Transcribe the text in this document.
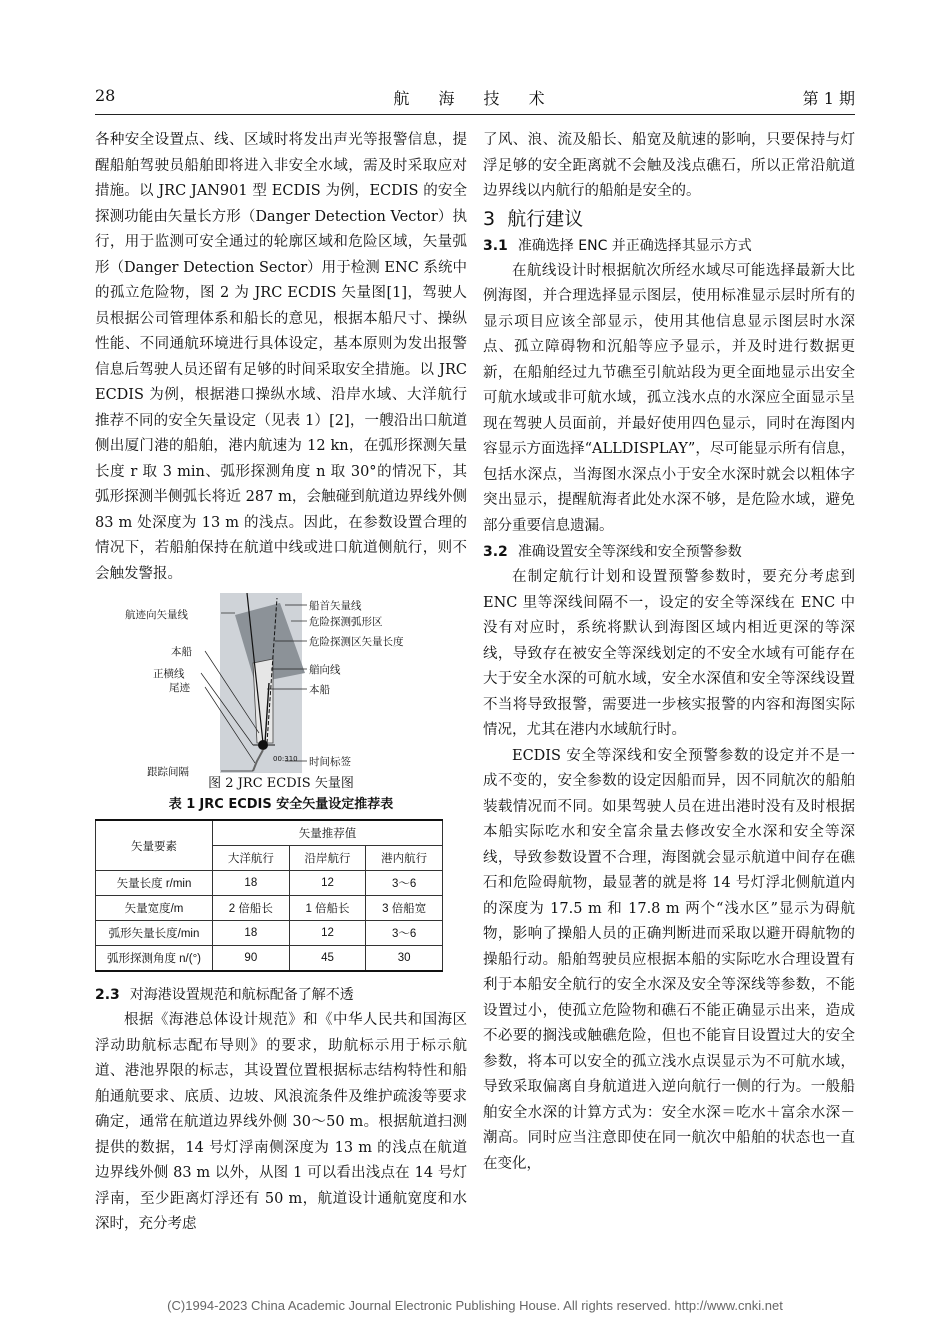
28	航 海 技 术	第 1 期

各种安全设置点、线、区域时将发出声光等报警信息，提醒船舶驾驶员船舶即将进入非安全水域，需及时采取应对措施。以 JRC JAN901 型 ECDIS 为例，ECDIS 的安全探测功能由矢量长方形（Danger Detection Vector）执行，用于监测可安全通过的轮廓区域和危险区域，矢量弧形（Danger Detection Sector）用于检测 ENC 系统中的孤立危险物，图 2 为 JRC ECDIS 矢量图[1]，驾驶人员根据公司管理体系和船长的意见，根据本船尺寸、操纵性能、不同通航环境进行具体设定，基本原则为发出报警信息后驾驶人员还留有足够的时间采取安全措施。以 JRC ECDIS 为例，根据港口操纵水域、沿岸水域、大洋航行推荐不同的安全矢量设定（见表 1）[2]，一艘沿出口航道侧出厦门港的船舶，港内航速为 12 kn，在弧形探测矢量长度 r 取 3 min、弧形探测角度 n 取 30°的情况下，其弧形探测半侧弧长将近 287 m，会触碰到航道边界线外侧 83 m 处深度为 13 m 的浅点。因此，在参数设置合理的情况下，若船舶保持在航道中线或进口航道侧航行，则不会触发警报。

航迹向矢量线
船首矢量线
危险探测弧形区
危险探测区矢量长度
本船
艏向线
正横线
本船
尾迹
00:310 时间标签
跟踪间隔

图 2 JRC ECDIS 矢量图

表 1 JRC ECDIS 安全矢量设定推荐表

矢量要素	矢量推荐值		
	大洋航行	沿岸航行	港内航行
矢量长度 r/min	18	12	3～6
矢量宽度/m	2 倍船长	1 倍船长	3 倍船宽
弧形矢量长度/min	18	12	3～6
弧形探测角度 n/(°)	90	45	30

2.3 对海港设置规范和航标配备了解不透

根据《海港总体设计规范》和《中华人民共和国海区浮动助航标志配布导则》的要求，助航标示用于标示航道、港池界限的标志，其设置位置根据标志结构特性和船舶通航要求、底质、边坡、风浪流条件及维护疏浚等要求确定，通常在航道边界线外侧 30～50 m。根据航道扫测提供的数据，14 号灯浮南侧深度为 13 m 的浅点在航道边界线外侧 83 m 以外，从图 1 可以看出浅点在 14 号灯浮南，至少距离灯浮还有 50 m，航道设计通航宽度和水深时，充分考虑

了风、浪、流及船长、船宽及航速的影响，只要保持与灯浮足够的安全距离就不会触及浅点礁石，所以正常沿航道边界线以内航行的船舶是安全的。

3 航行建议

3.1 准确选择 ENC 并正确选择其显示方式

在航线设计时根据航次所经水域尽可能选择最新大比例海图，并合理选择显示图层，使用标准显示层时所有的显示项目应该全部显示，使用其他信息显示图层时水深点、孤立障碍物和沉船等应予显示，并及时进行数据更新，在船舶经过九节礁至引航站段为更全面地显示出安全可航水域或非可航水域，孤立浅水点的水深应全面显示呈现在驾驶人员面前，并最好使用四色显示，同时在海图内容显示方面选择“ALLDISPLAY”，尽可能显示所有信息，包括水深点，当海图水深点小于安全水深时就会以粗体字突出显示，提醒航海者此处水深不够，是危险水域，避免部分重要信息遗漏。

3.2 准确设置安全等深线和安全预警参数

在制定航行计划和设置预警参数时，要充分考虑到 ENC 里等深线间隔不一，设定的安全等深线在 ENC 中没有对应时，系统将默认到海图区域内相近更深的等深线，导致存在被安全等深线划定的不安全水域有可能存在大于安全水深的可航水域，安全水深值和安全等深线设置不当将导致报警，需要进一步核实报警的内容和海图实际情况，尤其在港内水域航行时。

ECDIS 安全等深线和安全预警参数的设定并不是一成不变的，安全参数的设定因船而异，因不同航次的船舶装载情况而不同。如果驾驶人员在进出港时没有及时根据本船实际吃水和安全富余量去修改安全水深和安全等深线，导致参数设置不合理，海图就会显示航道中间存在礁石和危险碍航物，最显著的就是将 14 号灯浮北侧航道内的深度为 17.5 m 和 17.8 m 两个“浅水区”显示为碍航物，影响了操船人员的正确判断进而采取以避开碍航物的操船行动。船舶驾驶员应根据本船的实际吃水合理设置有利于本船安全航行的安全水深及安全等深线等参数，不能设置过小，使孤立危险物和礁石不能正确显示出来，造成不必要的搁浅或触礁危险，但也不能盲目设置过大的安全参数，将本可以安全的孤立浅水点误显示为不可航水域，导致采取偏离自身航道进入逆向航行一侧的行为。一般船舶安全水深的计算方式为：安全水深＝吃水＋富余水深－潮高。同时应当注意即使在同一航次中船舶的状态也一直在变化，

(C)1994-2023 China Academic Journal Electronic Publishing House. All rights reserved. http://www.cnki.net
